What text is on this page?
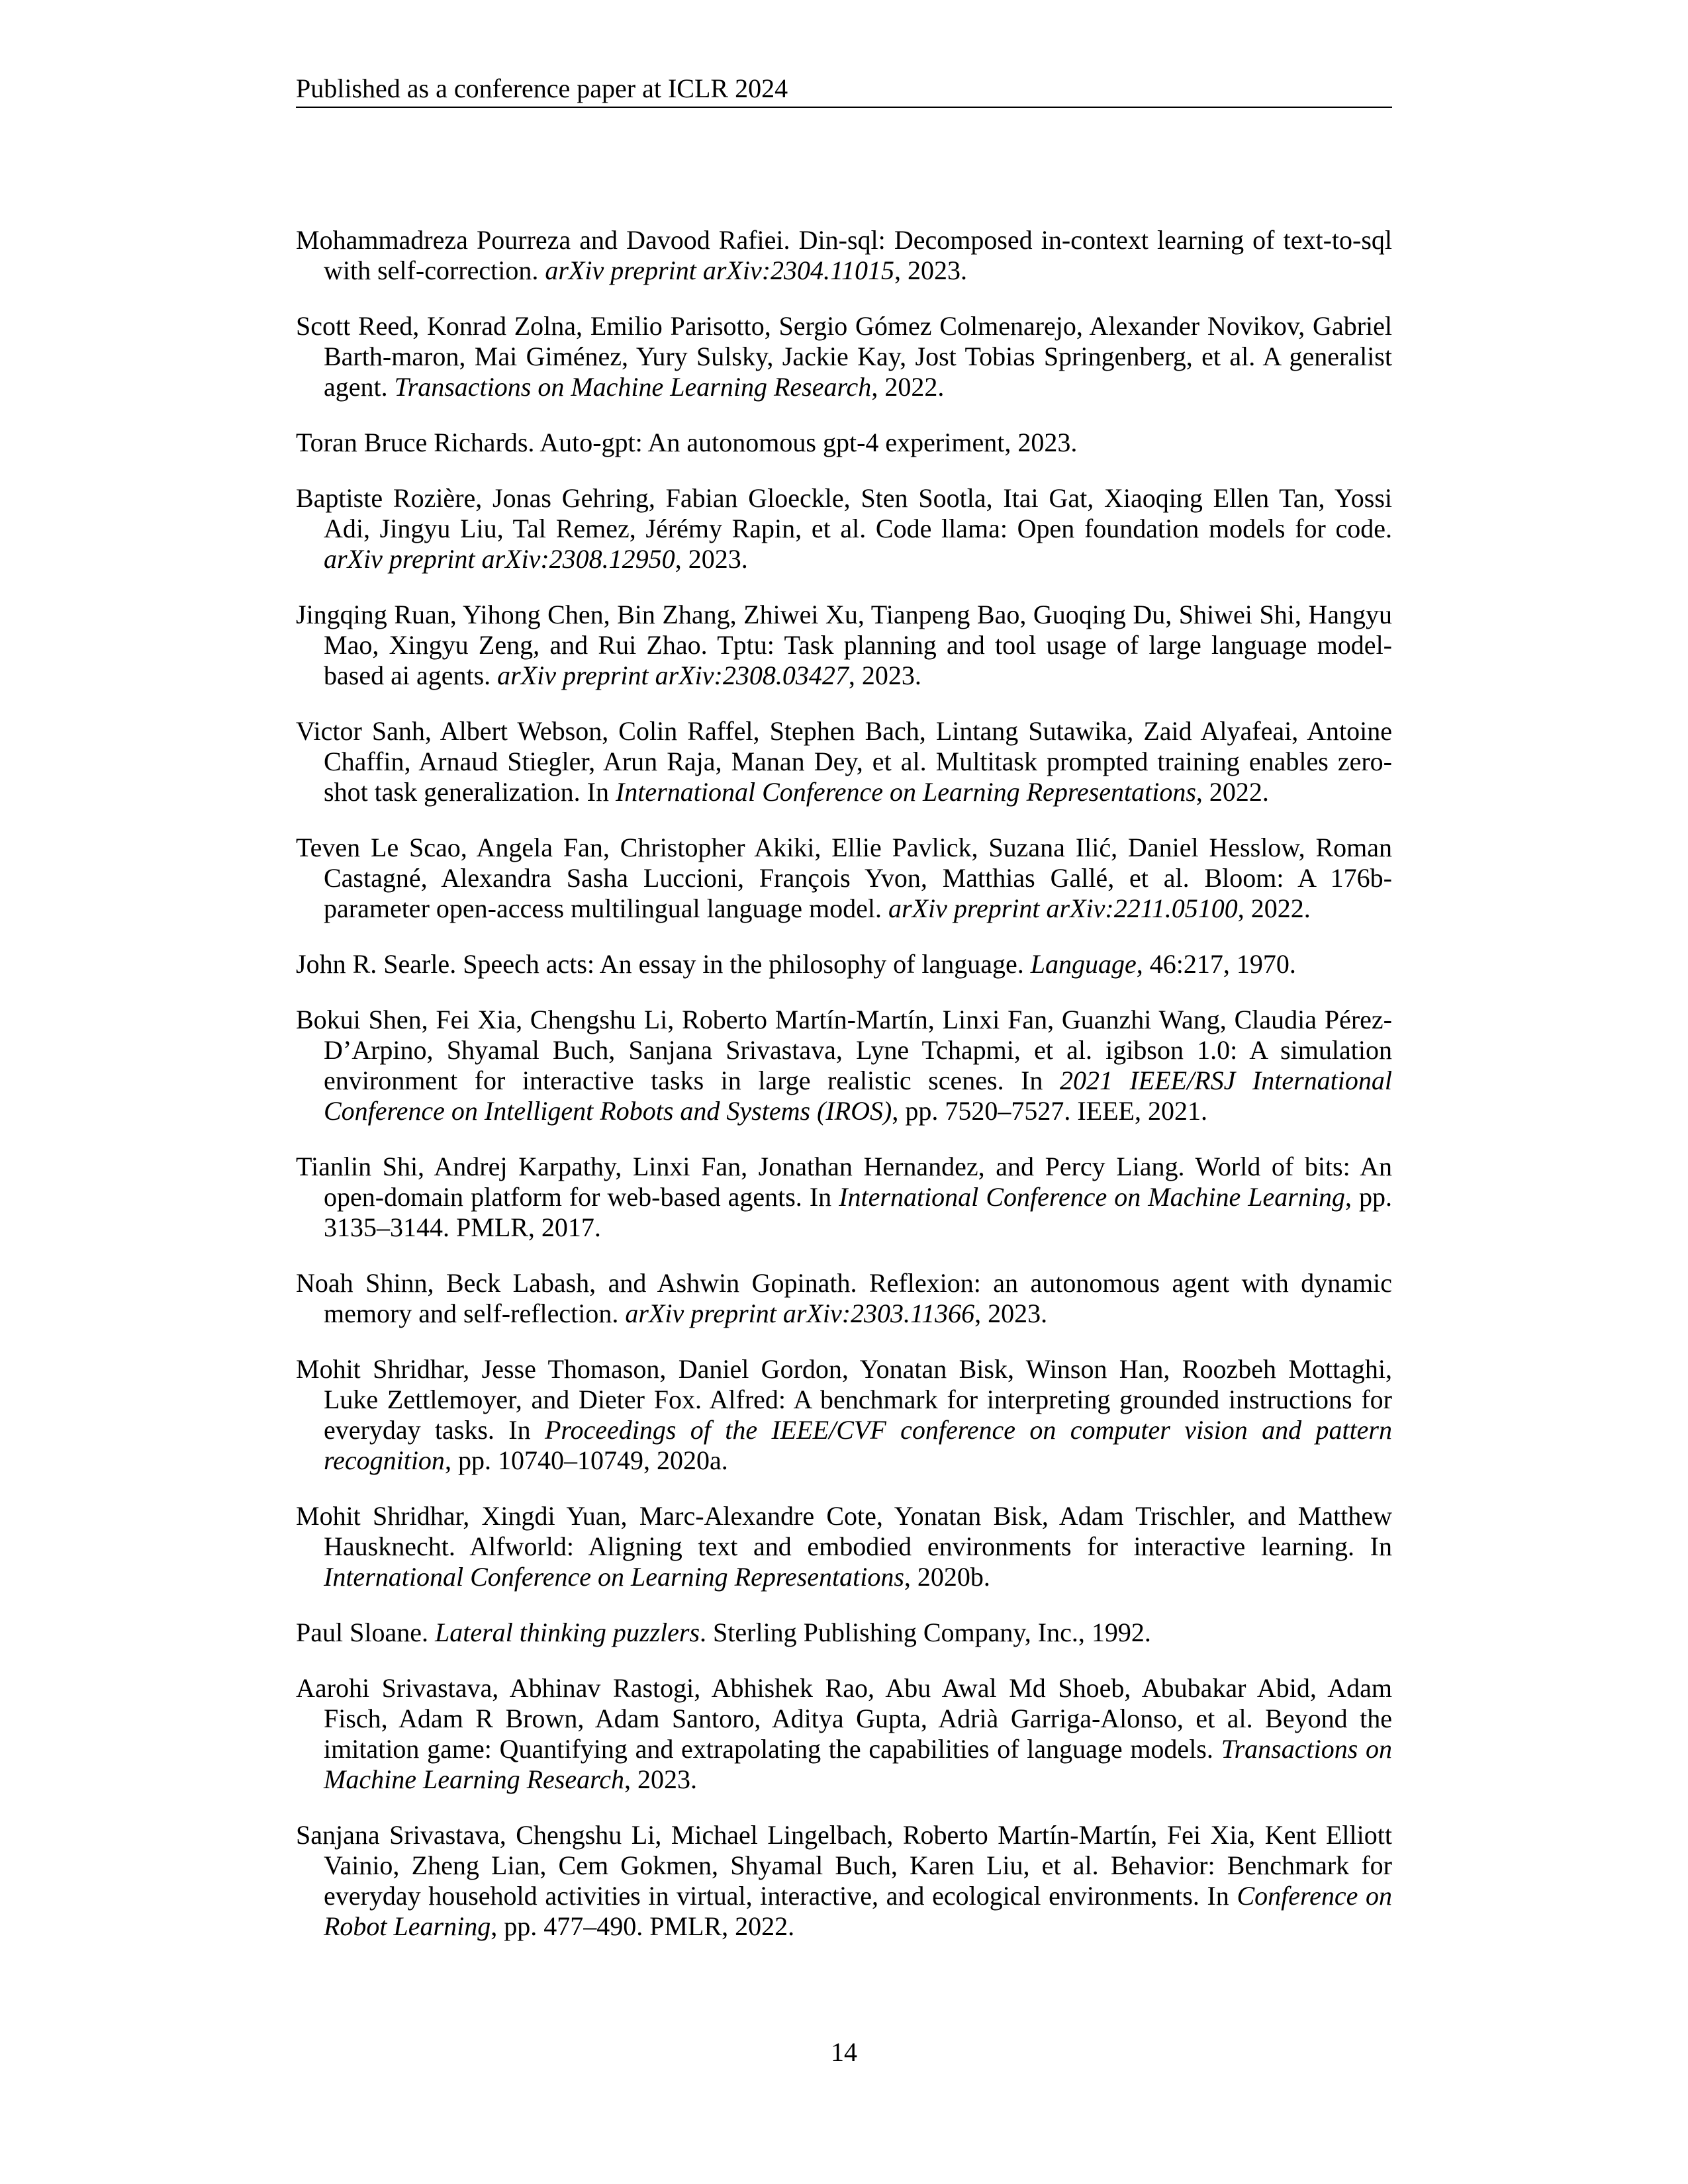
Published as a conference paper at ICLR 2024
Mohammadreza Pourreza and Davood Rafiei. Din-sql: Decomposed in-context learning of text-to-sql with self-correction. arXiv preprint arXiv:2304.11015, 2023.
Scott Reed, Konrad Zolna, Emilio Parisotto, Sergio Gómez Colmenarejo, Alexander Novikov, Gabriel Barth-maron, Mai Giménez, Yury Sulsky, Jackie Kay, Jost Tobias Springenberg, et al. A generalist agent. Transactions on Machine Learning Research, 2022.
Toran Bruce Richards. Auto-gpt: An autonomous gpt-4 experiment, 2023.
Baptiste Rozière, Jonas Gehring, Fabian Gloeckle, Sten Sootla, Itai Gat, Xiaoqing Ellen Tan, Yossi Adi, Jingyu Liu, Tal Remez, Jérémy Rapin, et al. Code llama: Open foundation models for code. arXiv preprint arXiv:2308.12950, 2023.
Jingqing Ruan, Yihong Chen, Bin Zhang, Zhiwei Xu, Tianpeng Bao, Guoqing Du, Shiwei Shi, Hangyu Mao, Xingyu Zeng, and Rui Zhao. Tptu: Task planning and tool usage of large language model-based ai agents. arXiv preprint arXiv:2308.03427, 2023.
Victor Sanh, Albert Webson, Colin Raffel, Stephen Bach, Lintang Sutawika, Zaid Alyafeai, Antoine Chaffin, Arnaud Stiegler, Arun Raja, Manan Dey, et al. Multitask prompted training enables zero-shot task generalization. In International Conference on Learning Representations, 2022.
Teven Le Scao, Angela Fan, Christopher Akiki, Ellie Pavlick, Suzana Ilić, Daniel Hesslow, Roman Castagné, Alexandra Sasha Luccioni, François Yvon, Matthias Gallé, et al. Bloom: A 176b-parameter open-access multilingual language model. arXiv preprint arXiv:2211.05100, 2022.
John R. Searle. Speech acts: An essay in the philosophy of language. Language, 46:217, 1970.
Bokui Shen, Fei Xia, Chengshu Li, Roberto Martín-Martín, Linxi Fan, Guanzhi Wang, Claudia Pérez-D’Arpino, Shyamal Buch, Sanjana Srivastava, Lyne Tchapmi, et al. igibson 1.0: A simulation environment for interactive tasks in large realistic scenes. In 2021 IEEE/RSJ International Conference on Intelligent Robots and Systems (IROS), pp. 7520–7527. IEEE, 2021.
Tianlin Shi, Andrej Karpathy, Linxi Fan, Jonathan Hernandez, and Percy Liang. World of bits: An open-domain platform for web-based agents. In International Conference on Machine Learning, pp. 3135–3144. PMLR, 2017.
Noah Shinn, Beck Labash, and Ashwin Gopinath. Reflexion: an autonomous agent with dynamic memory and self-reflection. arXiv preprint arXiv:2303.11366, 2023.
Mohit Shridhar, Jesse Thomason, Daniel Gordon, Yonatan Bisk, Winson Han, Roozbeh Mottaghi, Luke Zettlemoyer, and Dieter Fox. Alfred: A benchmark for interpreting grounded instructions for everyday tasks. In Proceedings of the IEEE/CVF conference on computer vision and pattern recognition, pp. 10740–10749, 2020a.
Mohit Shridhar, Xingdi Yuan, Marc-Alexandre Cote, Yonatan Bisk, Adam Trischler, and Matthew Hausknecht. Alfworld: Aligning text and embodied environments for interactive learning. In International Conference on Learning Representations, 2020b.
Paul Sloane. Lateral thinking puzzlers. Sterling Publishing Company, Inc., 1992.
Aarohi Srivastava, Abhinav Rastogi, Abhishek Rao, Abu Awal Md Shoeb, Abubakar Abid, Adam Fisch, Adam R Brown, Adam Santoro, Aditya Gupta, Adrià Garriga-Alonso, et al. Beyond the imitation game: Quantifying and extrapolating the capabilities of language models. Transactions on Machine Learning Research, 2023.
Sanjana Srivastava, Chengshu Li, Michael Lingelbach, Roberto Martín-Martín, Fei Xia, Kent Elliott Vainio, Zheng Lian, Cem Gokmen, Shyamal Buch, Karen Liu, et al. Behavior: Benchmark for everyday household activities in virtual, interactive, and ecological environments. In Conference on Robot Learning, pp. 477–490. PMLR, 2022.
14
